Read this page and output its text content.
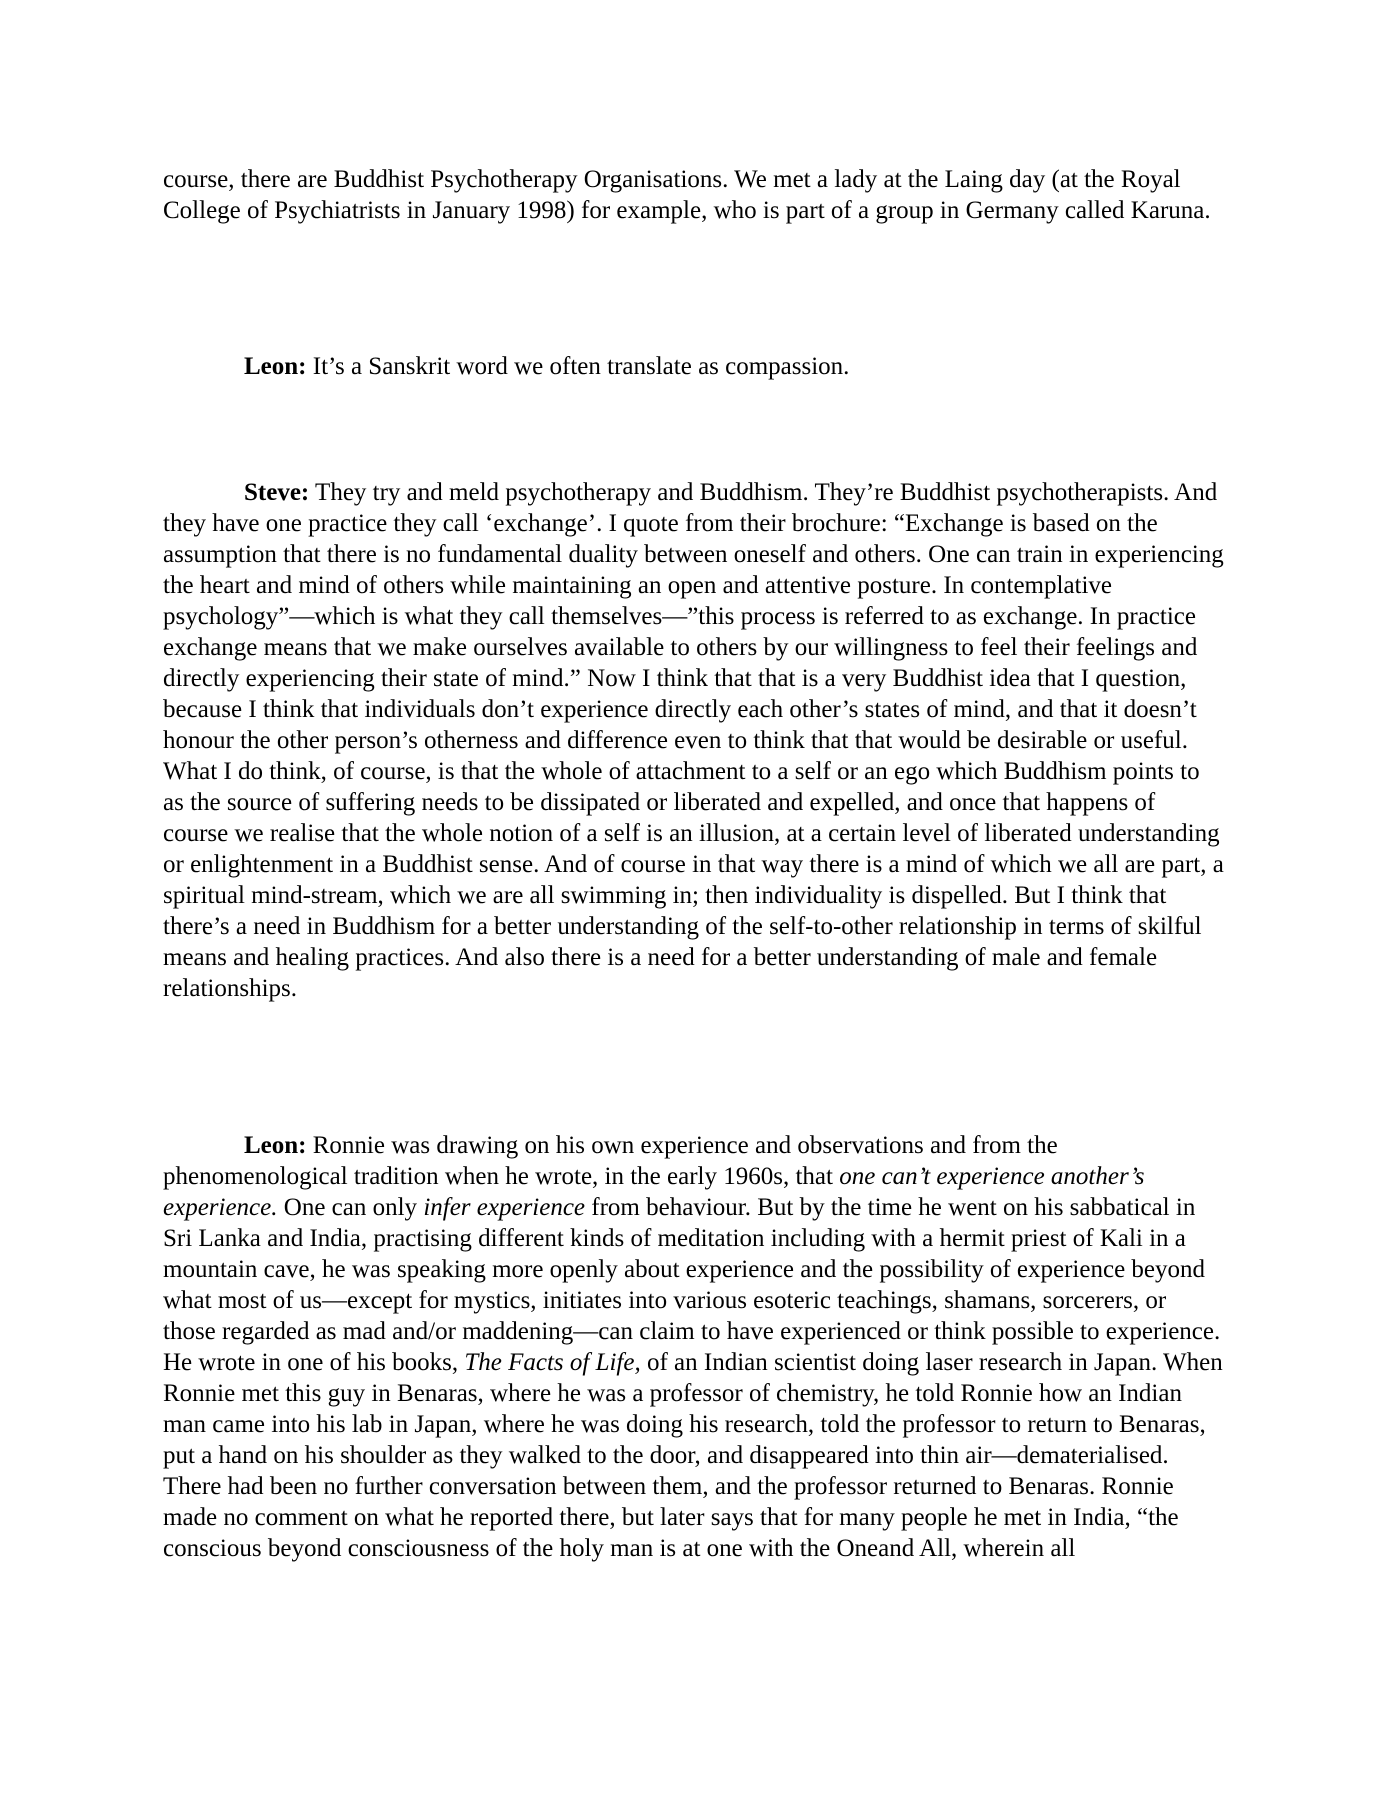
course, there are Buddhist Psychotherapy Organisations. We met a lady at the Laing day (at the Royal College of Psychiatrists in January 1998) for example, who is part of a group in Germany called Karuna.

Leon: It’s a Sanskrit word we often translate as compassion.

Steve: They try and meld psychotherapy and Buddhism. They’re Buddhist psychotherapists. And they have one practice they call ‘exchange’. I quote from their brochure: “Exchange is based on the assumption that there is no fundamental duality between oneself and others. One can train in experiencing the heart and mind of others while maintaining an open and attentive posture. In contemplative psychology”—which is what they call themselves—”this process is referred to as exchange. In practice exchange means that we make ourselves available to others by our willingness to feel their feelings and directly experiencing their state of mind.” Now I think that that is a very Buddhist idea that I question, because I think that individuals don’t experience directly each other’s states of mind, and that it doesn’t honour the other person’s otherness and difference even to think that that would be desirable or useful. What I do think, of course, is that the whole of attachment to a self or an ego which Buddhism points to as the source of suffering needs to be dissipated or liberated and expelled, and once that happens of course we realise that the whole notion of a self is an illusion, at a certain level of liberated understanding or enlightenment in a Buddhist sense. And of course in that way there is a mind of which we all are part, a spiritual mind-stream, which we are all swimming in; then individuality is dispelled. But I think that there’s a need in Buddhism for a better understanding of the self-to-other relationship in terms of skilful means and healing practices. And also there is a need for a better understanding of male and female relationships.

Leon: Ronnie was drawing on his own experience and observations and from the phenomenological tradition when he wrote, in the early 1960s, that one can’t experience another’s experience. One can only infer experience from behaviour. But by the time he went on his sabbatical in Sri Lanka and India, practising different kinds of meditation including with a hermit priest of Kali in a mountain cave, he was speaking more openly about experience and the possibility of experience beyond what most of us—except for mystics, initiates into various esoteric teachings, shamans, sorcerers, or those regarded as mad and/or maddening—can claim to have experienced or think possible to experience. He wrote in one of his books, The Facts of Life, of an Indian scientist doing laser research in Japan. When Ronnie met this guy in Benaras, where he was a professor of chemistry, he told Ronnie how an Indian man came into his lab in Japan, where he was doing his research, told the professor to return to Benaras, put a hand on his shoulder as they walked to the door, and disappeared into thin air—dematerialised. There had been no further conversation between them, and the professor returned to Benaras. Ronnie made no comment on what he reported there, but later says that for many people he met in India, “the conscious beyond consciousness of the holy man is at one with the Oneand All, wherein all
